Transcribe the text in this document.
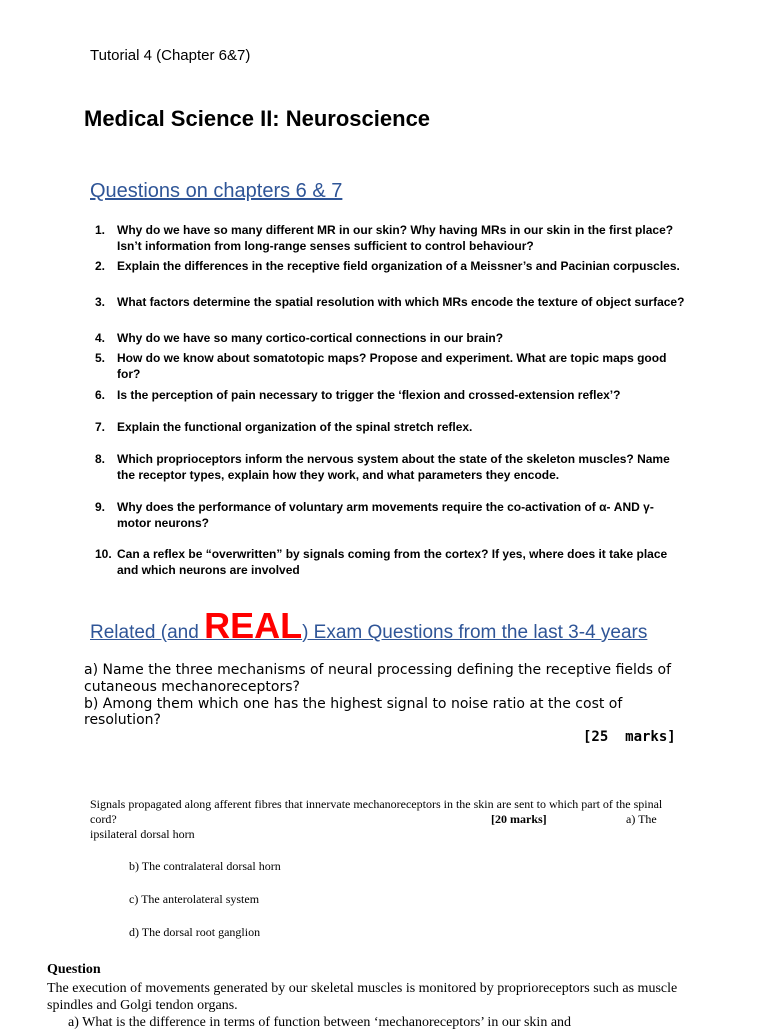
Tutorial 4 (Chapter 6&7)
Medical Science II: Neuroscience
Questions on chapters 6 & 7
1. Why do we have so many different MR in our skin? Why having MRs in our skin in the first place? Isn’t information from long-range senses sufficient to control behaviour?
2. Explain the differences in the receptive field organization of a Meissner’s and Pacinian corpuscles.
3. What factors determine the spatial resolution with which MRs encode the texture of object surface?
4. Why do we have so many cortico-cortical connections in our brain?
5. How do we know about somatotopic maps? Propose and experiment. What are topic maps good for?
6. Is the perception of pain necessary to trigger the ‘flexion and crossed-extension reflex’?
7. Explain the functional organization of the spinal stretch reflex.
8. Which proprioceptors inform the nervous system about the state of the skeleton muscles? Name the receptor types, explain how they work, and what parameters they encode.
9. Why does the performance of voluntary arm movements require the co-activation of α- AND γ-motor neurons?
10. Can a reflex be “overwritten” by signals coming from the cortex? If yes, where does it take place and which neurons are involved
Related (and REAL) Exam Questions from the last 3-4 years
a) Name the three mechanisms of neural processing defining the receptive fields of cutaneous mechanoreceptors?
b) Among them which one has the highest signal to noise ratio at the cost of resolution?
[25  marks]
Signals propagated along afferent fibres that innervate mechanoreceptors in the skin are sent to which part of the spinal cord?	[20 marks]	a) The
ipsilateral dorsal horn
b) The contralateral dorsal horn
c) The anterolateral system
d) The dorsal root ganglion
Question
The execution of movements generated by our skeletal muscles is monitored by proprioreceptors such as muscle spindles and Golgi tendon organs.
a) What is the difference in terms of function between ‘mechanoreceptors’ in our skin and
